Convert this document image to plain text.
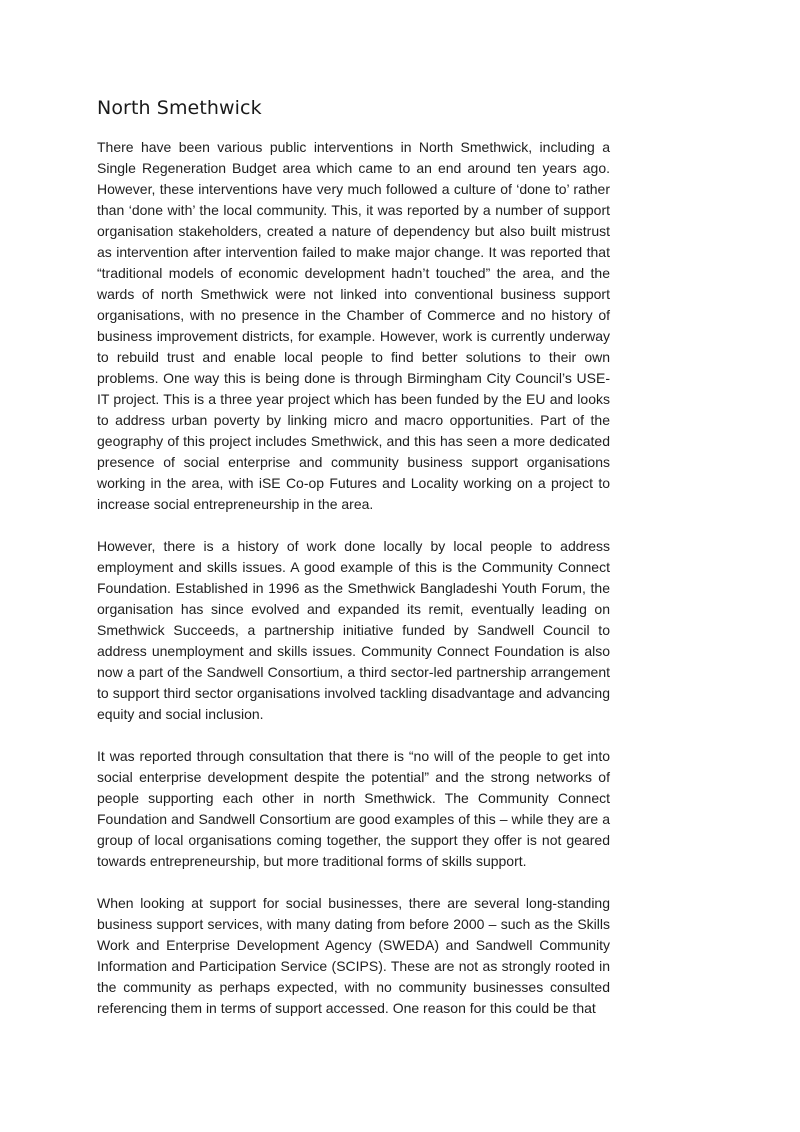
North Smethwick

There have been various public interventions in North Smethwick, including a Single Regeneration Budget area which came to an end around ten years ago. However, these interventions have very much followed a culture of ‘done to’ rather than ‘done with’ the local community. This, it was reported by a number of support organisation stakeholders, created a nature of dependency but also built mistrust as intervention after intervention failed to make major change. It was reported that “traditional models of economic development hadn’t touched” the area, and the wards of north Smethwick were not linked into conventional business support organisations, with no presence in the Chamber of Commerce and no history of business improvement districts, for example. However, work is currently underway to rebuild trust and enable local people to find better solutions to their own problems. One way this is being done is through Birmingham City Council’s USE-IT project. This is a three year project which has been funded by the EU and looks to address urban poverty by linking micro and macro opportunities. Part of the geography of this project includes Smethwick, and this has seen a more dedicated presence of social enterprise and community business support organisations working in the area, with iSE Co-op Futures and Locality working on a project to increase social entrepreneurship in the area.

However, there is a history of work done locally by local people to address employment and skills issues. A good example of this is the Community Connect Foundation. Established in 1996 as the Smethwick Bangladeshi Youth Forum, the organisation has since evolved and expanded its remit, eventually leading on Smethwick Succeeds, a partnership initiative funded by Sandwell Council to address unemployment and skills issues. Community Connect Foundation is also now a part of the Sandwell Consortium, a third sector-led partnership arrangement to support third sector organisations involved tackling disadvantage and advancing equity and social inclusion.

It was reported through consultation that there is “no will of the people to get into social enterprise development despite the potential” and the strong networks of people supporting each other in north Smethwick. The Community Connect Foundation and Sandwell Consortium are good examples of this – while they are a group of local organisations coming together, the support they offer is not geared towards entrepreneurship, but more traditional forms of skills support.

When looking at support for social businesses, there are several long-standing business support services, with many dating from before 2000 – such as the Skills Work and Enterprise Development Agency (SWEDA) and Sandwell Community Information and Participation Service (SCIPS). These are not as strongly rooted in the community as perhaps expected, with no community businesses consulted referencing them in terms of support accessed. One reason for this could be that
